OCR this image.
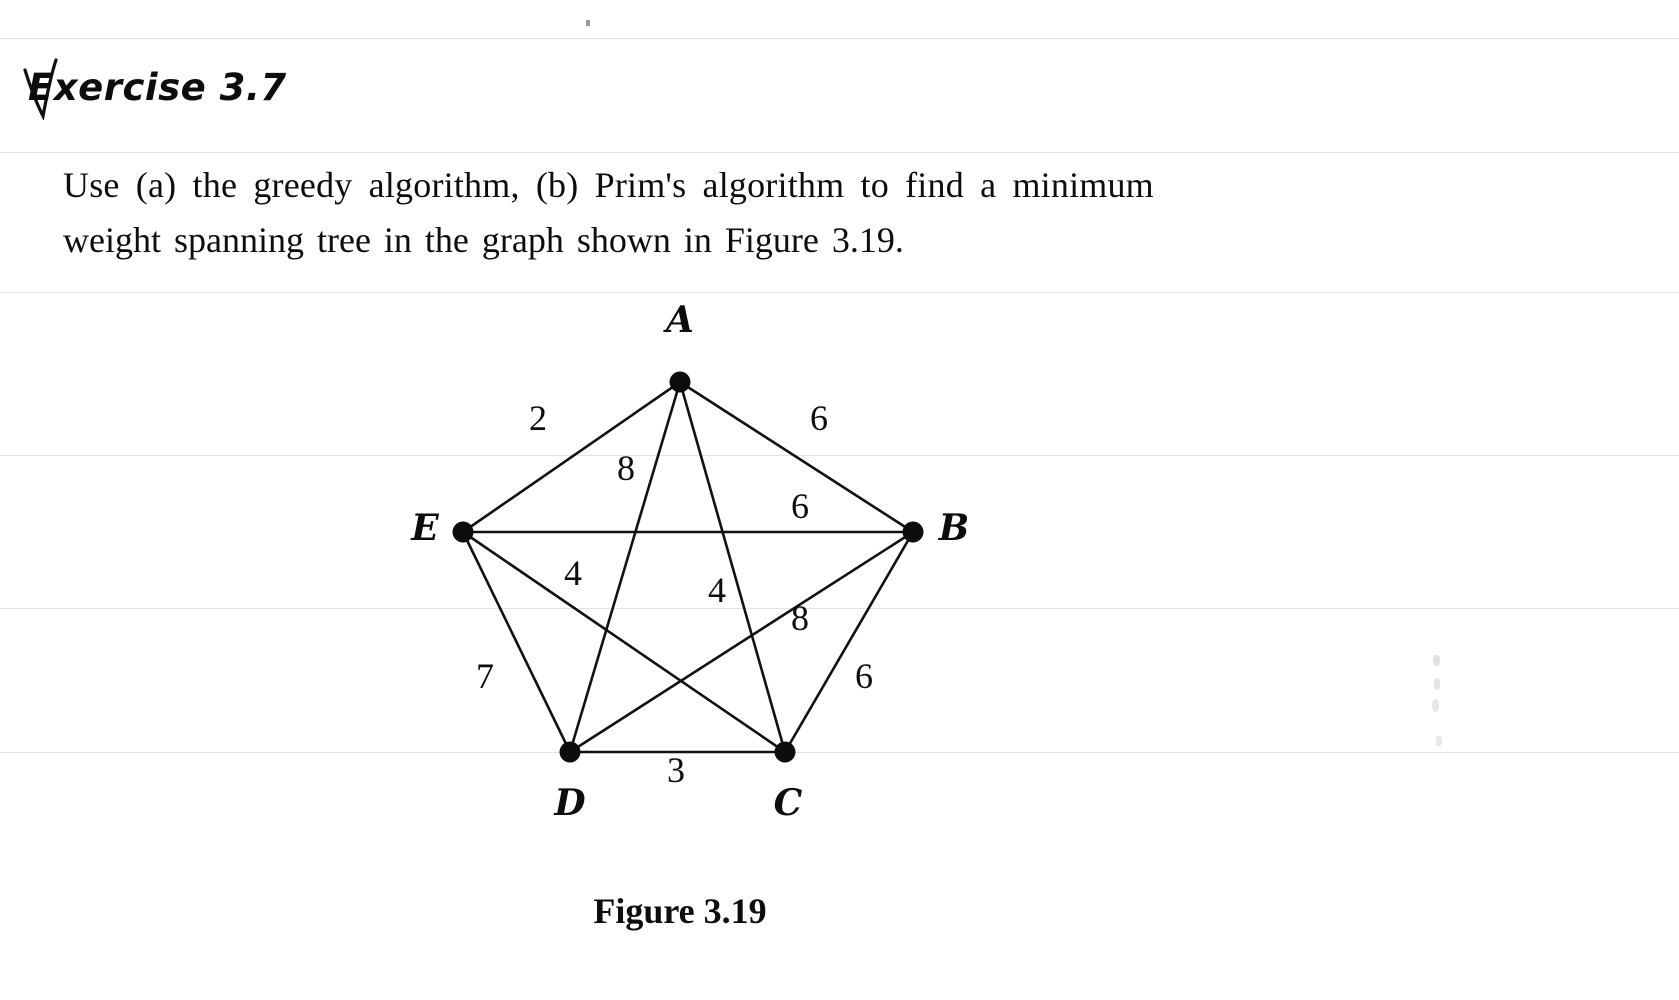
Exercise 3.7
Use (a) the greedy algorithm, (b) Prim's algorithm to find a minimum
weight spanning tree in the graph shown in Figure 3.19.
A
B
C
D
E
2	6
8
4
6
4
7
8
6
3
Figure 3.19
